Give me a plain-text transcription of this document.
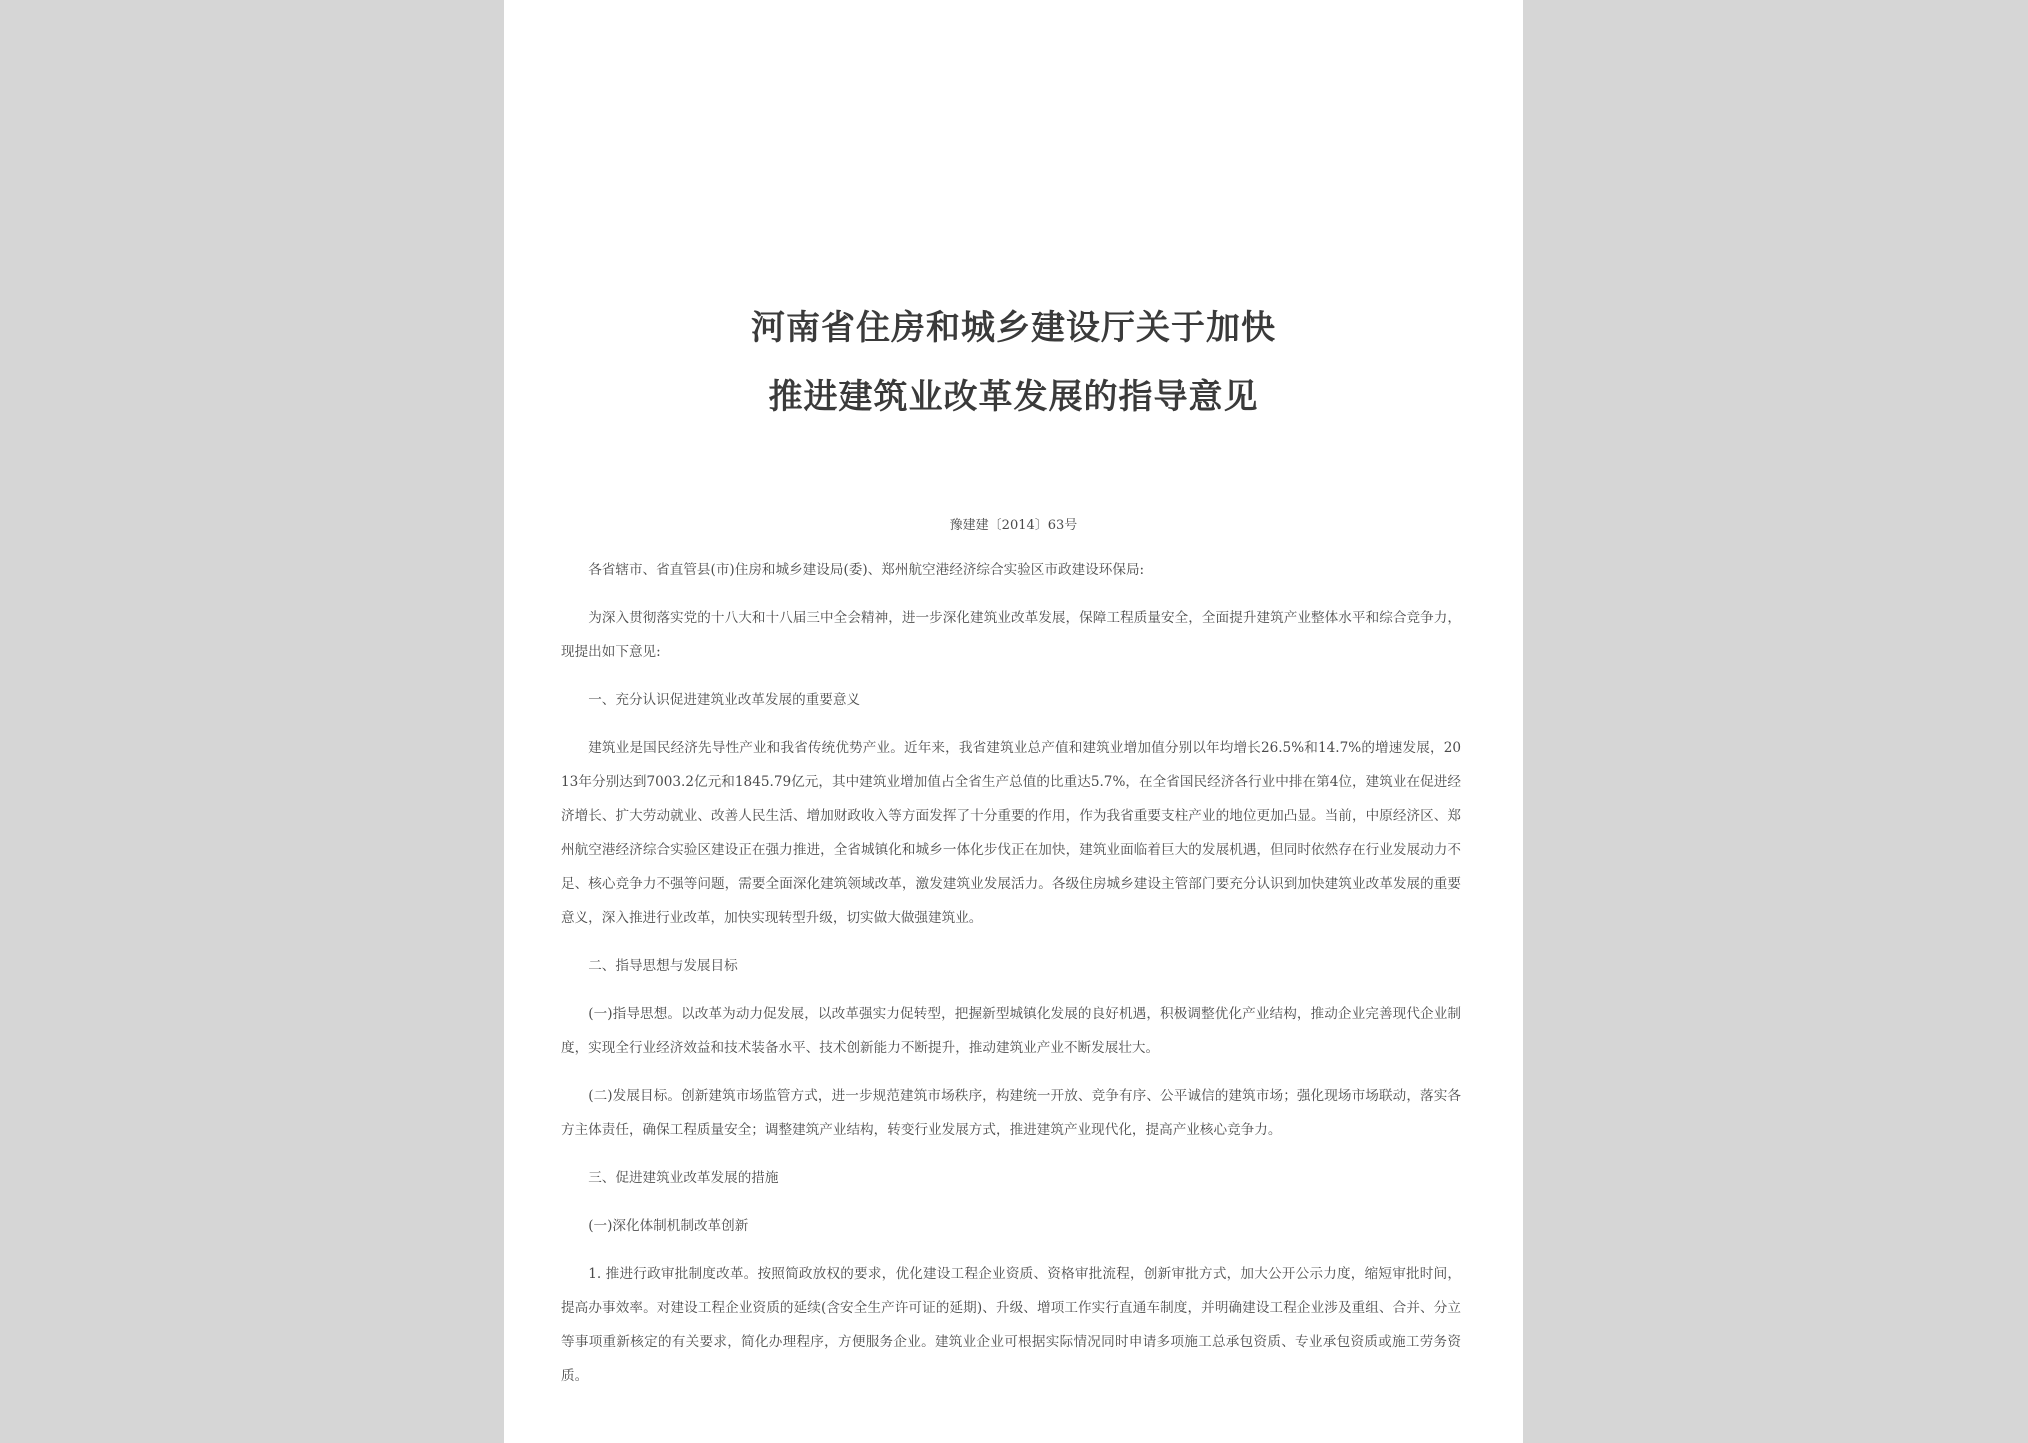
河南省住房和城乡建设厅关于加快
推进建筑业改革发展的指导意见
豫建建〔2014〕63号

各省辖市、省直管县(市)住房和城乡建设局(委)、郑州航空港经济综合实验区市政建设环保局:

为深入贯彻落实党的十八大和十八届三中全会精神，进一步深化建筑业改革发展，保障工程质量安全，全面提升建筑产业整体水平和综合竞争力，现提出如下意见:

一、充分认识促进建筑业改革发展的重要意义

建筑业是国民经济先导性产业和我省传统优势产业。近年来，我省建筑业总产值和建筑业增加值分别以年均增长26.5%和14.7%的增速发展，2013年分别达到7003.2亿元和1845.79亿元，其中建筑业增加值占全省生产总值的比重达5.7%，在全省国民经济各行业中排在第4位，建筑业在促进经济增长、扩大劳动就业、改善人民生活、增加财政收入等方面发挥了十分重要的作用，作为我省重要支柱产业的地位更加凸显。当前，中原经济区、郑州航空港经济综合实验区建设正在强力推进，全省城镇化和城乡一体化步伐正在加快，建筑业面临着巨大的发展机遇，但同时依然存在行业发展动力不足、核心竞争力不强等问题，需要全面深化建筑领域改革，激发建筑业发展活力。各级住房城乡建设主管部门要充分认识到加快建筑业改革发展的重要意义，深入推进行业改革，加快实现转型升级，切实做大做强建筑业。

二、指导思想与发展目标

(一)指导思想。以改革为动力促发展，以改革强实力促转型，把握新型城镇化发展的良好机遇，积极调整优化产业结构，推动企业完善现代企业制度，实现全行业经济效益和技术装备水平、技术创新能力不断提升，推动建筑业产业不断发展壮大。

(二)发展目标。创新建筑市场监管方式，进一步规范建筑市场秩序，构建统一开放、竞争有序、公平诚信的建筑市场；强化现场市场联动，落实各方主体责任，确保工程质量安全；调整建筑产业结构，转变行业发展方式，推进建筑产业现代化，提高产业核心竞争力。

三、促进建筑业改革发展的措施

(一)深化体制机制改革创新

1. 推进行政审批制度改革。按照简政放权的要求，优化建设工程企业资质、资格审批流程，创新审批方式，加大公开公示力度，缩短审批时间，提高办事效率。对建设工程企业资质的延续(含安全生产许可证的延期)、升级、增项工作实行直通车制度，并明确建设工程企业涉及重组、合并、分立等事项重新核定的有关要求，简化办理程序，方便服务企业。建筑业企业可根据实际情况同时申请多项施工总承包资质、专业承包资质或施工劳务资质。
